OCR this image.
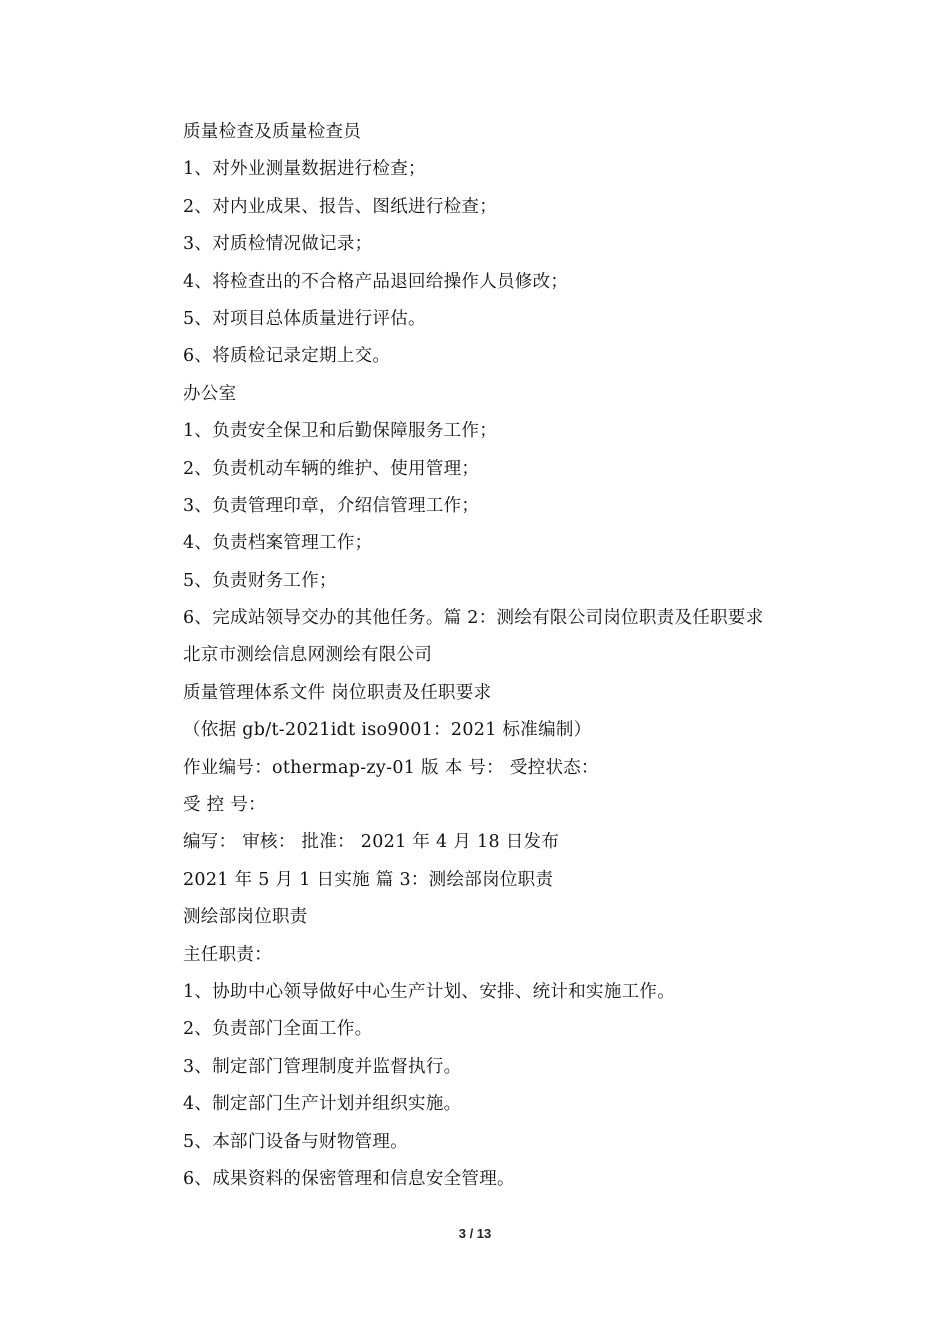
质量检查及质量检查员
1、对外业测量数据进行检查；
2、对内业成果、报告、图纸进行检查；
3、对质检情况做记录；
4、将检查出的不合格产品退回给操作人员修改；
5、对项目总体质量进行评估。
6、将质检记录定期上交。
办公室
1、负责安全保卫和后勤保障服务工作；
2、负责机动车辆的维护、使用管理；
3、负责管理印章，介绍信管理工作；
4、负责档案管理工作；
5、负责财务工作；
6、完成站领导交办的其他任务。篇 2：测绘有限公司岗位职责及任职要求
北京市测绘信息网测绘有限公司
质量管理体系文件 岗位职责及任职要求
（依据 gb/t-2021idt iso9001：2021 标准编制）
作业编号：othermap-zy-01 版 本 号： 受控状态：
受 控 号：
编写： 审核： 批准： 2021 年 4 月 18 日发布
2021 年 5 月 1 日实施 篇 3：测绘部岗位职责
测绘部岗位职责
主任职责：
1、协助中心领导做好中心生产计划、安排、统计和实施工作。
2、负责部门全面工作。
3、制定部门管理制度并监督执行。
4、制定部门生产计划并组织实施。
5、本部门设备与财物管理。
6、成果资料的保密管理和信息安全管理。
3 / 13
